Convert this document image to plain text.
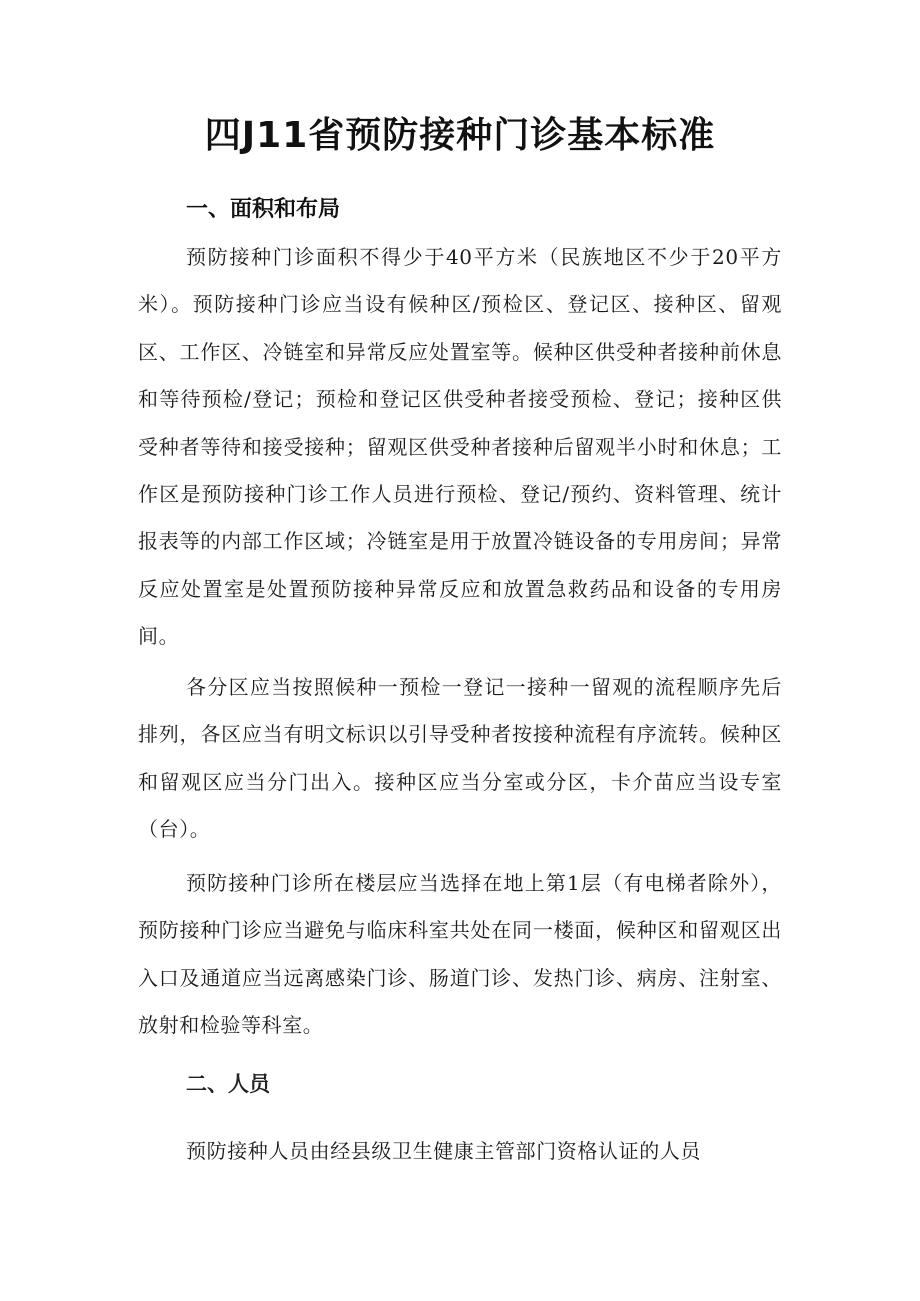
四J11省预防接种门诊基本标准
一、面积和布局

预防接种门诊面积不得少于40平方米（民族地区不少于20平方米）。预防接种门诊应当设有候种区/预检区、登记区、接种区、留观区、工作区、冷链室和异常反应处置室等。候种区供受种者接种前休息和等待预检/登记；预检和登记区供受种者接受预检、登记；接种区供受种者等待和接受接种；留观区供受种者接种后留观半小时和休息；工作区是预防接种门诊工作人员进行预检、登记/预约、资料管理、统计报表等的内部工作区域；冷链室是用于放置冷链设备的专用房间；异常反应处置室是处置预防接种异常反应和放置急救药品和设备的专用房间。

各分区应当按照候种一预检一登记一接种一留观的流程顺序先后排列，各区应当有明文标识以引导受种者按接种流程有序流转。候种区和留观区应当分门出入。接种区应当分室或分区，卡介苗应当设专室（台）。

预防接种门诊所在楼层应当选择在地上第1层（有电梯者除外），预防接种门诊应当避免与临床科室共处在同一楼面，候种区和留观区出入口及通道应当远离感染门诊、肠道门诊、发热门诊、病房、注射室、放射和检验等科室。

二、人员

预防接种人员由经县级卫生健康主管部门资格认证的人员
